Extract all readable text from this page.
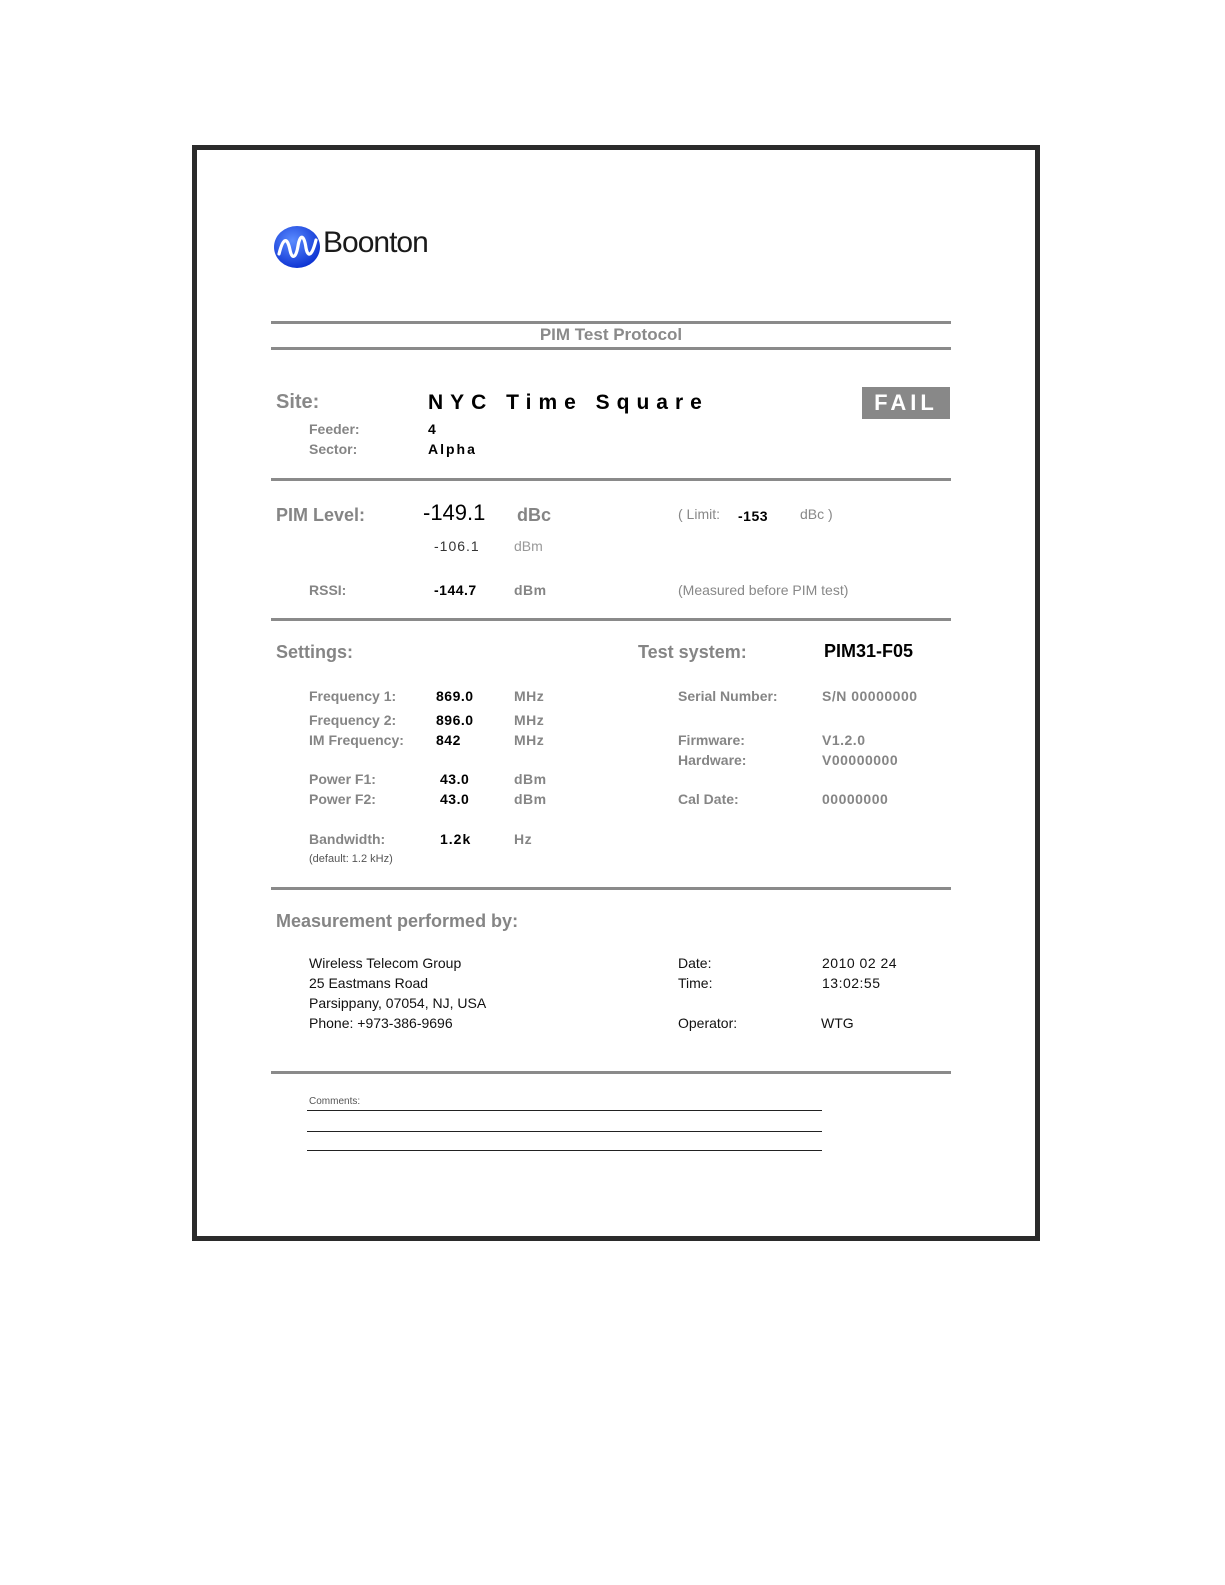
Boonton
PIM Test Protocol
Site:	NYC Time Square	FAIL
Feeder:	4
Sector:	Alpha
PIM Level:	-149.1 dBc	( Limit: -153 dBc )
-106.1 dBm
RSSI:	-144.7	dBm	(Measured before PIM test)
Settings:
Frequency 1:	869.0	MHz
Frequency 2:	896.0	MHz
IM Frequency: 842	MHz
Power F1:	43.0	dBm
Power F2:	43.0	dBm
Bandwidth:	1.2k	Hz
(default: 1.2 kHz)
Test system:	PIM31-F05
Serial Number:	S/N 00000000
Firmware:	V1.2.0
Hardware:	V00000000
Cal Date:	00000000
Measurement performed by:
Wireless Telecom Group
25 Eastmans Road
Parsippany, 07054, NJ, USA
Phone: +973-386-9696
Date:	2010 02 24
Time:	13:02:55
Operator:	WTG
Comments:
